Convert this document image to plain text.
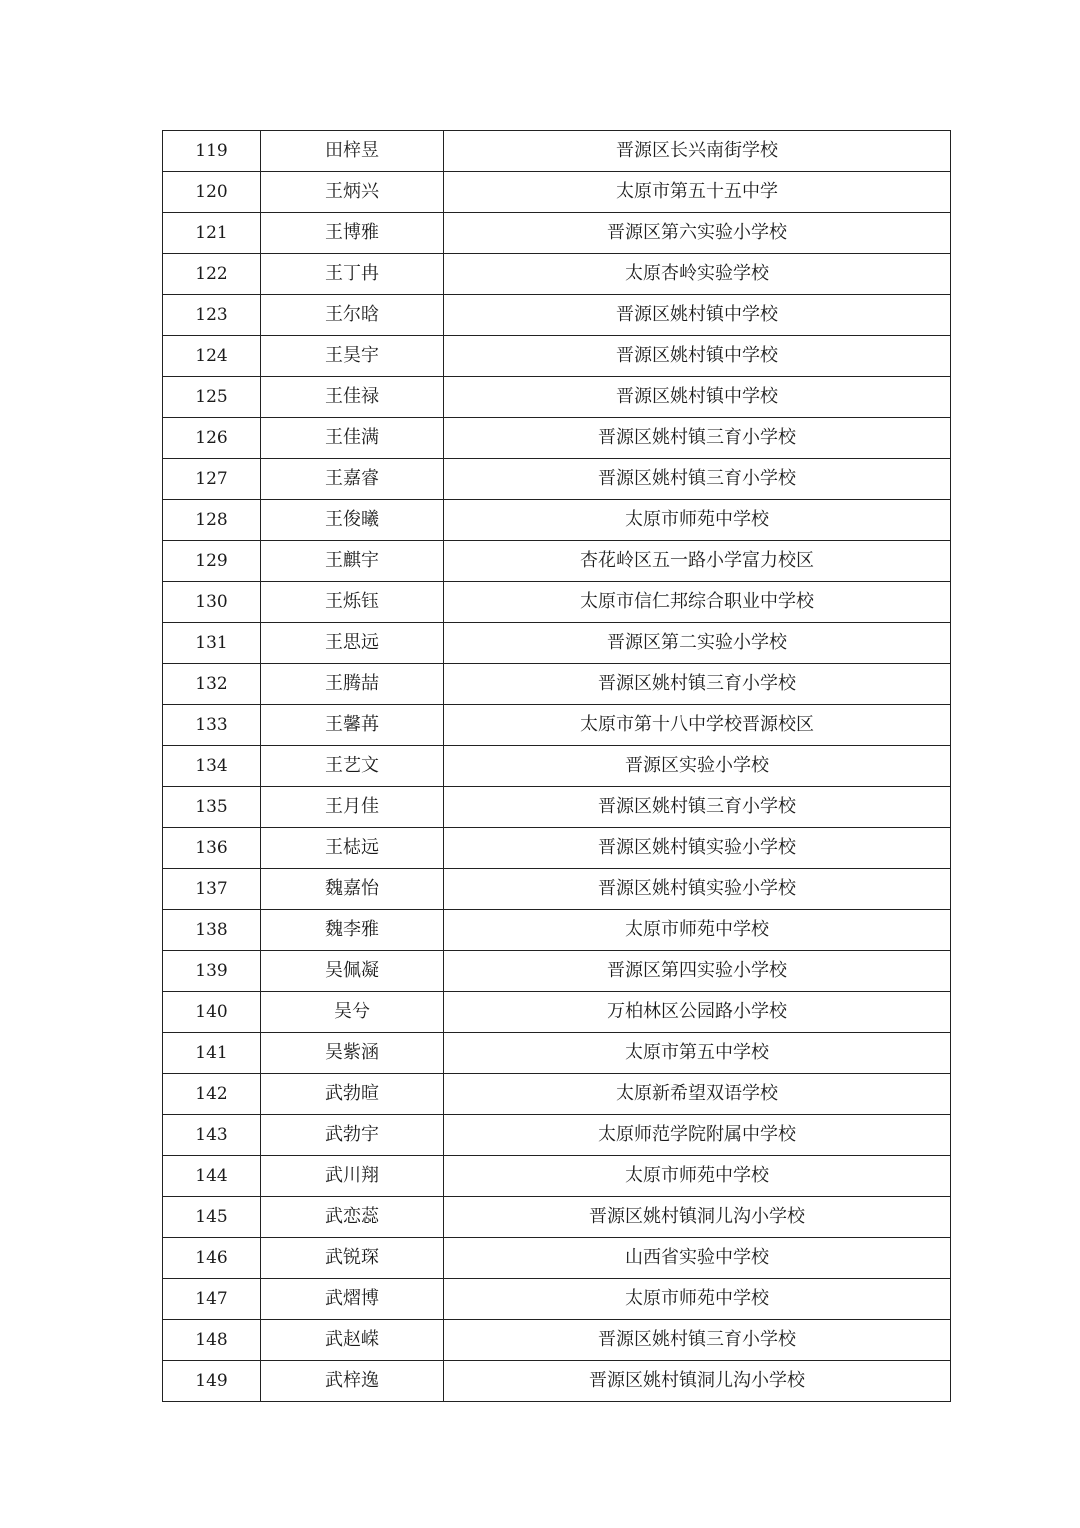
119	田梓昱	晋源区长兴南街学校
120	王炳兴	太原市第五十五中学
121	王博雅	晋源区第六实验小学校
122	王丁冉	太原杏岭实验学校
123	王尔晗	晋源区姚村镇中学校
124	王昊宇	晋源区姚村镇中学校
125	王佳禄	晋源区姚村镇中学校
126	王佳满	晋源区姚村镇三育小学校
127	王嘉睿	晋源区姚村镇三育小学校
128	王俊曦	太原市师苑中学校
129	王麒宇	杏花岭区五一路小学富力校区
130	王烁钰	太原市信仁邦综合职业中学校
131	王思远	晋源区第二实验小学校
132	王腾喆	晋源区姚村镇三育小学校
133	王馨苒	太原市第十八中学校晋源校区
134	王艺文	晋源区实验小学校
135	王月佳	晋源区姚村镇三育小学校
136	王梽远	晋源区姚村镇实验小学校
137	魏嘉怡	晋源区姚村镇实验小学校
138	魏李雅	太原市师苑中学校
139	吴佩凝	晋源区第四实验小学校
140	吴兮	万柏林区公园路小学校
141	吴紫涵	太原市第五中学校
142	武勃暄	太原新希望双语学校
143	武勃宇	太原师范学院附属中学校
144	武川翔	太原市师苑中学校
145	武恋蕊	晋源区姚村镇洞儿沟小学校
146	武锐琛	山西省实验中学校
147	武熠博	太原市师苑中学校
148	武赵嵘	晋源区姚村镇三育小学校
149	武梓逸	晋源区姚村镇洞儿沟小学校
